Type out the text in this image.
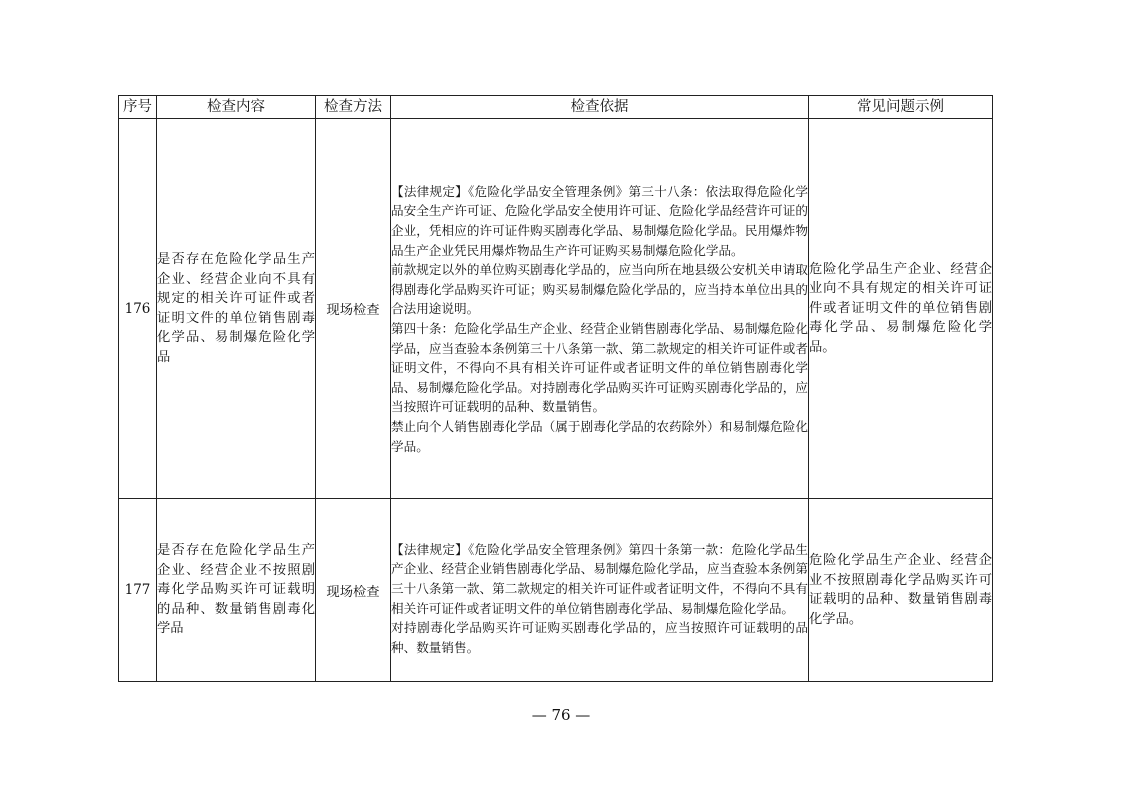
序号	检查内容	检查方法	检查依据	常见问题示例
176	是否存在危险化学品生产企业、经营企业向不具有规定的相关许可证件或者证明文件的单位销售剧毒化学品、易制爆危险化学品	现场检查	【法律规定】《危险化学品安全管理条例》第三十八条：依法取得危险化学品安全生产许可证、危险化学品安全使用许可证、危险化学品经营许可证的企业，凭相应的许可证件购买剧毒化学品、易制爆危险化学品。民用爆炸物品生产企业凭民用爆炸物品生产许可证购买易制爆危险化学品。

前款规定以外的单位购买剧毒化学品的，应当向所在地县级公安机关申请取得剧毒化学品购买许可证；购买易制爆危险化学品的，应当持本单位出具的合法用途说明。

第四十条：危险化学品生产企业、经营企业销售剧毒化学品、易制爆危险化学品，应当查验本条例第三十八条第一款、第二款规定的相关许可证件或者证明文件，不得向不具有相关许可证件或者证明文件的单位销售剧毒化学品、易制爆危险化学品。对持剧毒化学品购买许可证购买剧毒化学品的，应当按照许可证载明的品种、数量销售。

禁止向个人销售剧毒化学品（属于剧毒化学品的农药除外）和易制爆危险化学品。	危险化学品生产企业、经营企业向不具有规定的相关许可证件或者证明文件的单位销售剧毒化学品、易制爆危险化学品。
177	是否存在危险化学品生产企业、经营企业不按照剧毒化学品购买许可证载明的品种、数量销售剧毒化学品	现场检查	【法律规定】《危险化学品安全管理条例》第四十条第一款：危险化学品生产企业、经营企业销售剧毒化学品、易制爆危险化学品，应当查验本条例第三十八条第一款、第二款规定的相关许可证件或者证明文件，不得向不具有相关许可证件或者证明文件的单位销售剧毒化学品、易制爆危险化学品。

对持剧毒化学品购买许可证购买剧毒化学品的，应当按照许可证载明的品种、数量销售。	危险化学品生产企业、经营企业不按照剧毒化学品购买许可证载明的品种、数量销售剧毒化学品。
— 76 —
